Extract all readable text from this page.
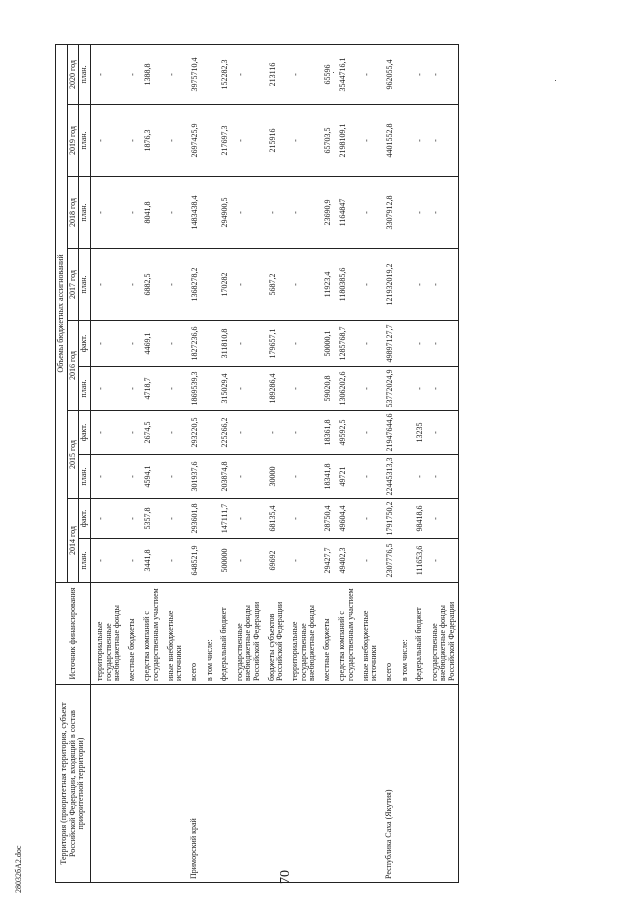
70
Территория (приоритетная территория, субъект Российской Федерации, входящий в состав приоритетной территории)	Источник финансирования	Объемы бюджетных ассигнований									
		2014 год		2015 год		2016 год		2017 год	2018 год	2019 год	2020 год
		план.	факт.	план.	факт.	план.	факт.	план.	план.	план.	план.
	территориальные государственные внебюджетные фонды	-	-	-	-	-	-	-	-	-	-
	местные бюджеты	-	-	-	-	-	-	-	-	-	-
	средства компаний с государственным участием	3441,8	5357,8	4594,1	2674,5	4718,7	4469,1	6882,5	8041,8	1876,3	1388,8
	иные внебюджетные источники	-	-	-	-	-	-	-	-	-	-
Приморский край	всего	648521,9	293601,8	301937,6	293220,5	1869539,3	1827236,6	1368278,2	1483438,4	2697425,9	3975710,4
	в том числе:										
	федеральный бюджет	500000	147111,7	203874,8	225266,2	315029,4	311810,8	170282	294900,5	217697,3	152282,3
	государственные внебюджетные фонды Российской Федерации	-	-	-	-	-	-	-	-	-	-
	бюджеты субъектов Российской Федерации	69692	68135,4	30000	-	189286,4	179657,1	5687,2	-	215916	213116
	территориальные государственные внебюджетные фонды	-	-	-	-	-	-	-	-	-	-
	местные бюджеты	29427,7	28750,4	18341,8	18361,8	59020,8	50000,1	11923,4	23690,9	65703,5	65596
	средства компаний с государственным участием	49402,3	49604,4	49721	49592,5	1306202,6	1285768,7	1180385,6	1164847	2198109,1	3544716,1
	иные внебюджетные источники	-	-	-	-	-	-	-	-	-	-
Республика Саха (Якутия)	всего	2307776,5	1791750,2	22445313,3	21947644,6	53772024,9	49897127,7	121932019,2	3307912,8	4401552,8	962055,4
	в том числе:										
	федеральный бюджет	111653,6	98418,6	-	13235	-	-	-	-	-	-
	государственные внебюджетные фонды Российской Федерации	-	-	-	-	-	-	-	-	-	-
28032бА2.doc
